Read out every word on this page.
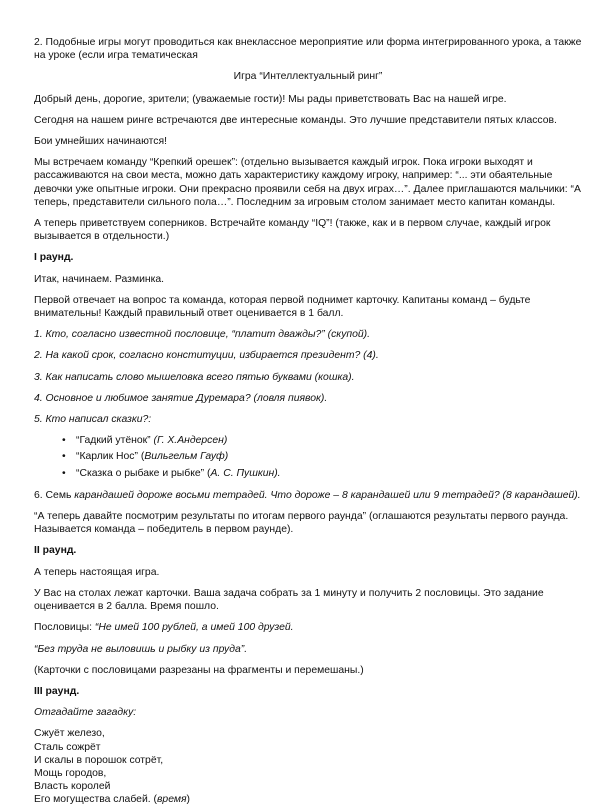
2. Подобные игры могут проводиться как внеклассное мероприятие или форма интегрированного урока, а также на уроке (если игра тематическая

Игра “Интеллектуальный ринг”

Добрый день, дорогие, зрители; (уважаемые гости)! Мы рады приветствовать Вас на нашей игре.

Сегодня на нашем ринге встречаются две интересные команды. Это лучшие представители пятых классов.

Бои умнейших начинаются!

Мы встречаем команду “Крепкий орешек”: (отдельно вызывается каждый игрок. Пока игроки выходят и рассаживаются на свои места, можно дать характеристику каждому игроку, например: “... эти обаятельные девочки уже опытные игроки. Они прекрасно проявили себя на двух играх…”. Далее приглашаются мальчики: “А теперь, представители сильного пола…”. Последним за игровым столом занимает место капитан команды.

А теперь приветствуем соперников. Встречайте команду “IQ”! (также, как и в первом случае, каждый игрок вызывается в отдельности.)

I раунд.

Итак, начинаем. Разминка.

Первой отвечает на вопрос та команда, которая первой поднимет карточку. Капитаны команд – будьте внимательны! Каждый правильный ответ оценивается в 1 балл.

1. Кто, согласно известной пословице, “платит дважды?” (скупой).

2. На какой срок, согласно конституции, избирается президент? (4).

3. Как написать слово мышеловка всего пятью буквами (кошка).

4. Основное и любимое занятие Дуремара? (ловля пиявок).

5. Кто написал сказки?:

• “Гадкий утёнок” (Г. Х.Андерсен)
• “Карлик Нос” (Вильгельм Гауф)
• “Сказка о рыбаке и рыбке” (А. С. Пушкин).

6. Семь карандашей дороже восьми тетрадей. Что дороже – 8 карандашей или 9 тетрадей? (8 карандашей).

“А теперь давайте посмотрим результаты по итогам первого раунда” (оглашаются результаты первого раунда. Называется команда – победитель в первом раунде).

II раунд.

А теперь настоящая игра.

У Вас на столах лежат карточки. Ваша задача собрать за 1 минуту и получить 2 пословицы. Это задание оценивается в 2 балла. Время пошло.

Пословицы: “Не имей 100 рублей, а имей 100 друзей.

“Без труда не выловишь и рыбку из пруда”.

(Карточки с пословицами разрезаны на фрагменты и перемешаны.)

III раунд.

Отгадайте загадку:

Сжуёт железо,

Сталь сожрёт

И скалы в порошок сотрёт,

Мощь городов,

Власть королей

Его могущества слабей. (время)
